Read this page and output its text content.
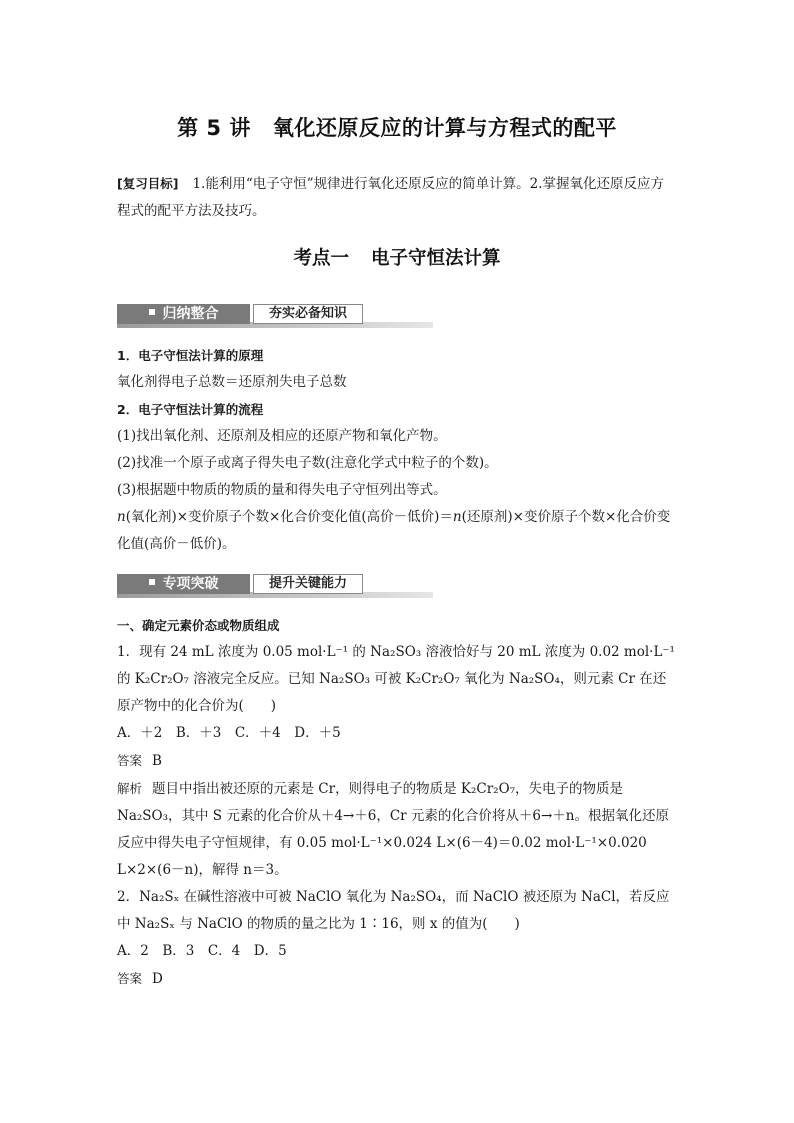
第 5 讲 氧化还原反应的计算与方程式的配平
[复习目标] 1.能利用“电子守恒”规律进行氧化还原反应的简单计算。2.掌握氧化还原反应方程式的配平方法及技巧。
考点一 电子守恒法计算
归纳整合	夯实必备知识

1．电子守恒法计算的原理

氧化剂得电子总数＝还原剂失电子总数

2．电子守恒法计算的流程

(1)找出氧化剂、还原剂及相应的还原产物和氧化产物。

(2)找准一个原子或离子得失电子数(注意化学式中粒子的个数)。

(3)根据题中物质的物质的量和得失电子守恒列出等式。

n(氧化剂)×变价原子个数×化合价变化值(高价－低价)＝n(还原剂)×变价原子个数×化合价变化值(高价－低价)。

专项突破	提升关键能力

一、确定元素价态或物质组成

1．现有 24 mL 浓度为 0.05 mol·L⁻¹ 的 Na₂SO₃ 溶液恰好与 20 mL 浓度为 0.02 mol·L⁻¹ 的 K₂Cr₂O₇ 溶液完全反应。已知 Na₂SO₃ 可被 K₂Cr₂O₇ 氧化为 Na₂SO₄，则元素 Cr 在还原产物中的化合价为(　　)

A．＋2　B．＋3　C．＋4　D．＋5

答案 B

解析 题目中指出被还原的元素是 Cr，则得电子的物质是 K₂Cr₂O₇，失电子的物质是 Na₂SO₃，其中 S 元素的化合价从＋4→＋6，Cr 元素的化合价将从＋6→＋n。根据氧化还原反应中得失电子守恒规律，有 0.05 mol·L⁻¹×0.024 L×(6－4)＝0.02 mol·L⁻¹×0.020 L×2×(6－n)，解得 n＝3。

2．Na₂Sₓ 在碱性溶液中可被 NaClO 氧化为 Na₂SO₄，而 NaClO 被还原为 NaCl，若反应中 Na₂Sₓ 与 NaClO 的物质的量之比为 1∶16，则 x 的值为(　　)

A．2　B．3　C．4　D．5

答案 D
